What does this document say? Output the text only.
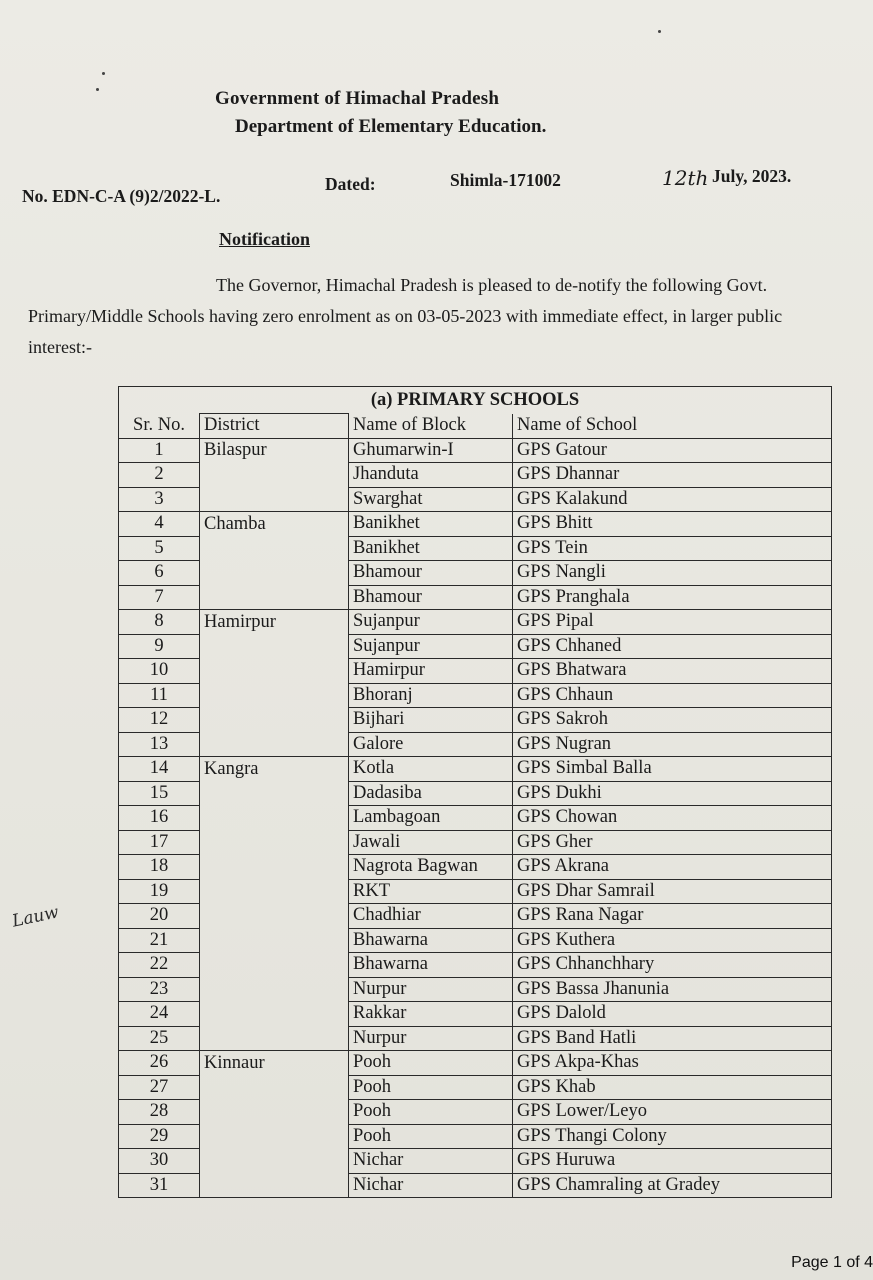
Government of Himachal Pradesh
Department of Elementary Education.
No. EDN-C-A (9)2/2022-L.
Dated:	Shimla-171002	12th July, 2023.
Notification
The Governor, Himachal Pradesh is pleased to de-notify the following Govt. Primary/Middle Schools having zero enrolment as on 03-05-2023 with immediate effect, in larger public interest:-
(a) PRIMARY SCHOOLS			
Sr. No.	District	Name of Block	Name of School
1	Bilaspur	Ghumarwin-I	GPS Gatour
2		Jhanduta	GPS Dhannar
3		Swarghat	GPS Kalakund
4	Chamba	Banikhet	GPS Bhitt
5		Banikhet	GPS Tein
6		Bhamour	GPS Nangli
7		Bhamour	GPS Pranghala
8	Hamirpur	Sujanpur	GPS Pipal
9		Sujanpur	GPS Chhaned
10		Hamirpur	GPS Bhatwara
11		Bhoranj	GPS Chhaun
12		Bijhari	GPS Sakroh
13		Galore	GPS Nugran
14	Kangra	Kotla	GPS Simbal Balla
15		Dadasiba	GPS Dukhi
16		Lambagoan	GPS Chowan
17		Jawali	GPS Gher
18		Nagrota Bagwan	GPS Akrana
19		RKT	GPS Dhar Samrail
20		Chadhiar	GPS Rana Nagar
21		Bhawarna	GPS Kuthera
22		Bhawarna	GPS Chhanchhary
23		Nurpur	GPS Bassa Jhanunia
24		Rakkar	GPS Dalold
25		Nurpur	GPS Band Hatli
26	Kinnaur	Pooh	GPS Akpa-Khas
27		Pooh	GPS Khab
28		Pooh	GPS Lower/Leyo
29		Pooh	GPS Thangi Colony
30		Nichar	GPS Huruwa
31		Nichar	GPS Chamraling at Gradey
Lauw
Page 1 of 4
